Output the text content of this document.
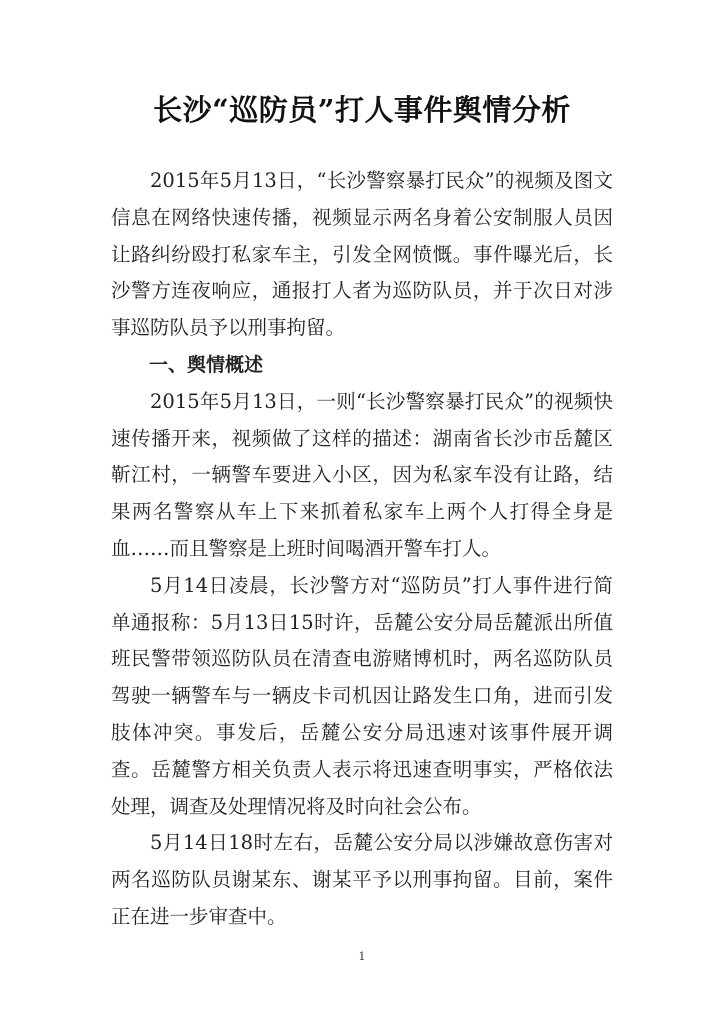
长沙“巡防员”打人事件舆情分析

2015年5月13日，“长沙警察暴打民众”的视频及图文信息在网络快速传播，视频显示两名身着公安制服人员因让路纠纷殴打私家车主，引发全网愤慨。事件曝光后，长沙警方连夜响应，通报打人者为巡防队员，并于次日对涉事巡防队员予以刑事拘留。

一、舆情概述

2015年5月13日，一则“长沙警察暴打民众”的视频快速传播开来，视频做了这样的描述：湖南省长沙市岳麓区靳江村，一辆警车要进入小区，因为私家车没有让路，结果两名警察从车上下来抓着私家车上两个人打得全身是血……而且警察是上班时间喝酒开警车打人。

5月14日凌晨，长沙警方对“巡防员”打人事件进行简单通报称：5月13日15时许，岳麓公安分局岳麓派出所值班民警带领巡防队员在清查电游赌博机时，两名巡防队员驾驶一辆警车与一辆皮卡司机因让路发生口角，进而引发肢体冲突。事发后，岳麓公安分局迅速对该事件展开调查。岳麓警方相关负责人表示将迅速查明事实，严格依法处理，调查及处理情况将及时向社会公布。

5月14日18时左右，岳麓公安分局以涉嫌故意伤害对两名巡防队员谢某东、谢某平予以刑事拘留。目前，案件正在进一步审查中。

1
